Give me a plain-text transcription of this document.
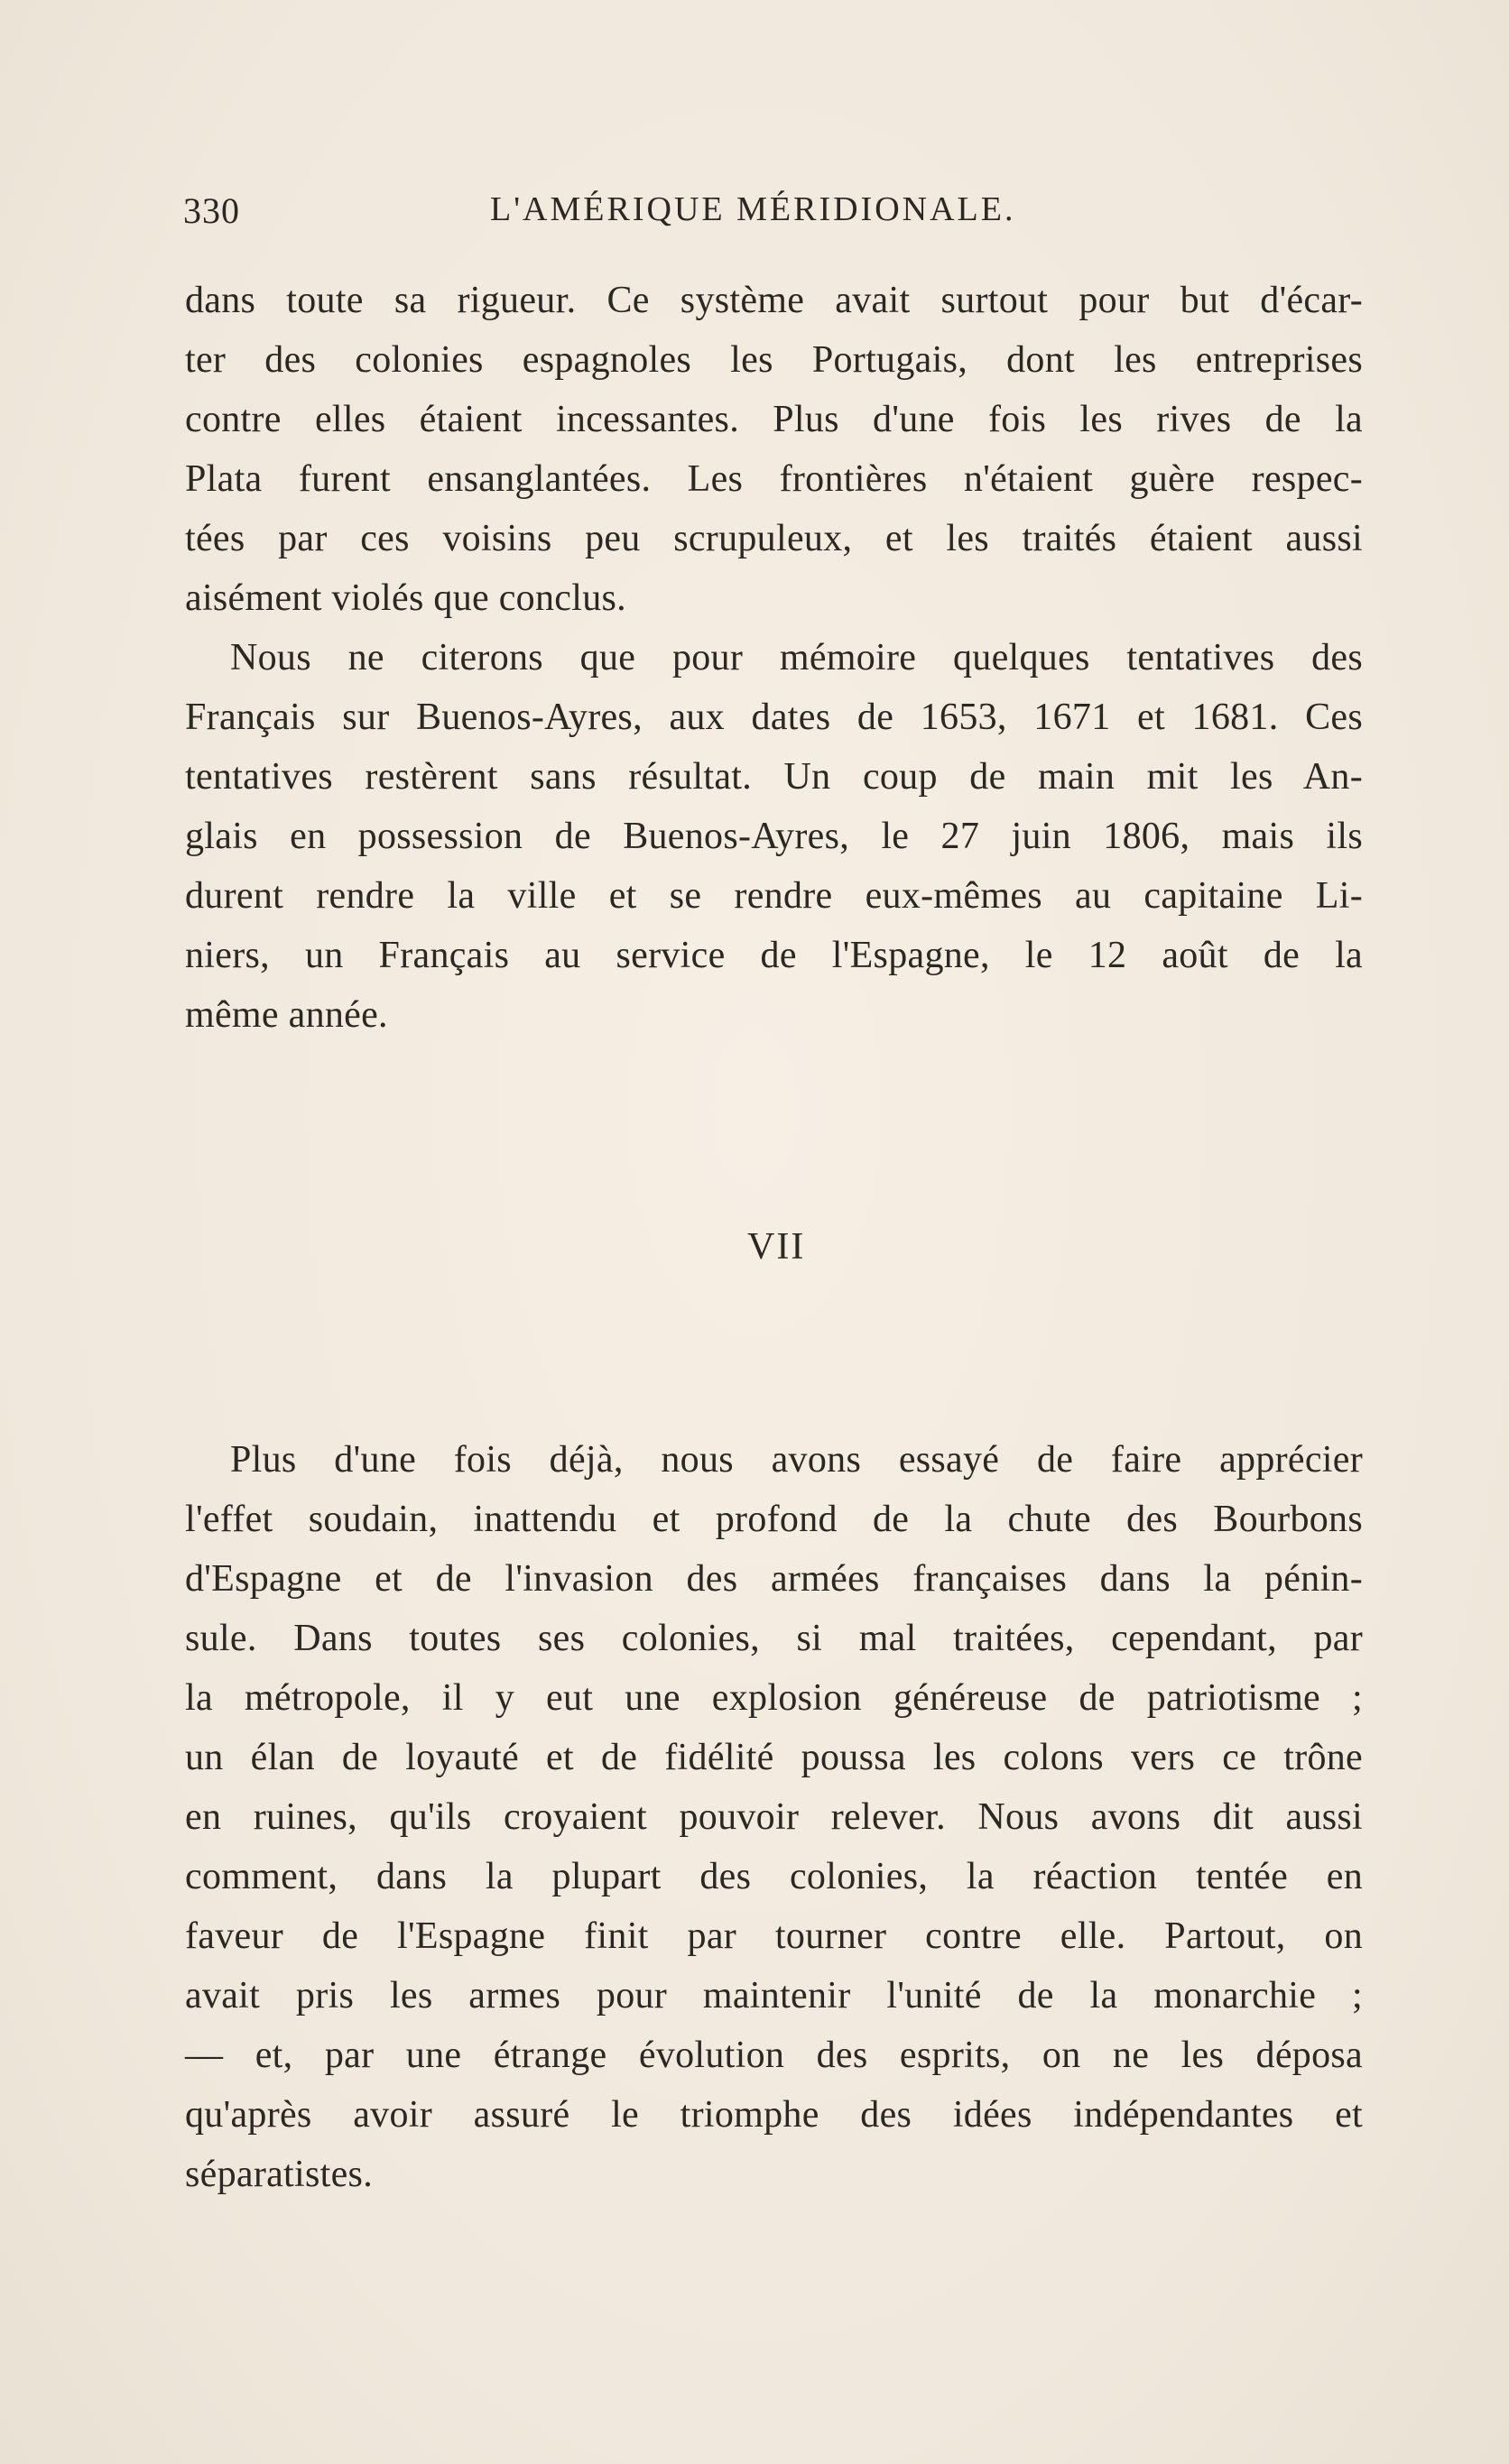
330	L'AMÉRIQUE MÉRIDIONALE.
dans toute sa rigueur. Ce système avait surtout pour but d'écar-
ter des colonies espagnoles les Portugais, dont les entreprises
contre elles étaient incessantes. Plus d'une fois les rives de la
Plata furent ensanglantées. Les frontières n'étaient guère respec-
tées par ces voisins peu scrupuleux, et les traités étaient aussi
aisément violés que conclus.
Nous ne citerons que pour mémoire quelques tentatives des
Français sur Buenos-Ayres, aux dates de 1653, 1671 et 1681. Ces
tentatives restèrent sans résultat. Un coup de main mit les An-
glais en possession de Buenos-Ayres, le 27 juin 1806, mais ils
durent rendre la ville et se rendre eux-mêmes au capitaine Li-
niers, un Français au service de l'Espagne, le 12 août de la
même année.
VII
Plus d'une fois déjà, nous avons essayé de faire apprécier
l'effet soudain, inattendu et profond de la chute des Bourbons
d'Espagne et de l'invasion des armées françaises dans la pénin-
sule. Dans toutes ses colonies, si mal traitées, cependant, par
la métropole, il y eut une explosion généreuse de patriotisme ;
un élan de loyauté et de fidélité poussa les colons vers ce trône
en ruines, qu'ils croyaient pouvoir relever. Nous avons dit aussi
comment, dans la plupart des colonies, la réaction tentée en
faveur de l'Espagne finit par tourner contre elle. Partout, on
avait pris les armes pour maintenir l'unité de la monarchie ;
— et, par une étrange évolution des esprits, on ne les déposa
qu'après avoir assuré le triomphe des idées indépendantes et
séparatistes.
